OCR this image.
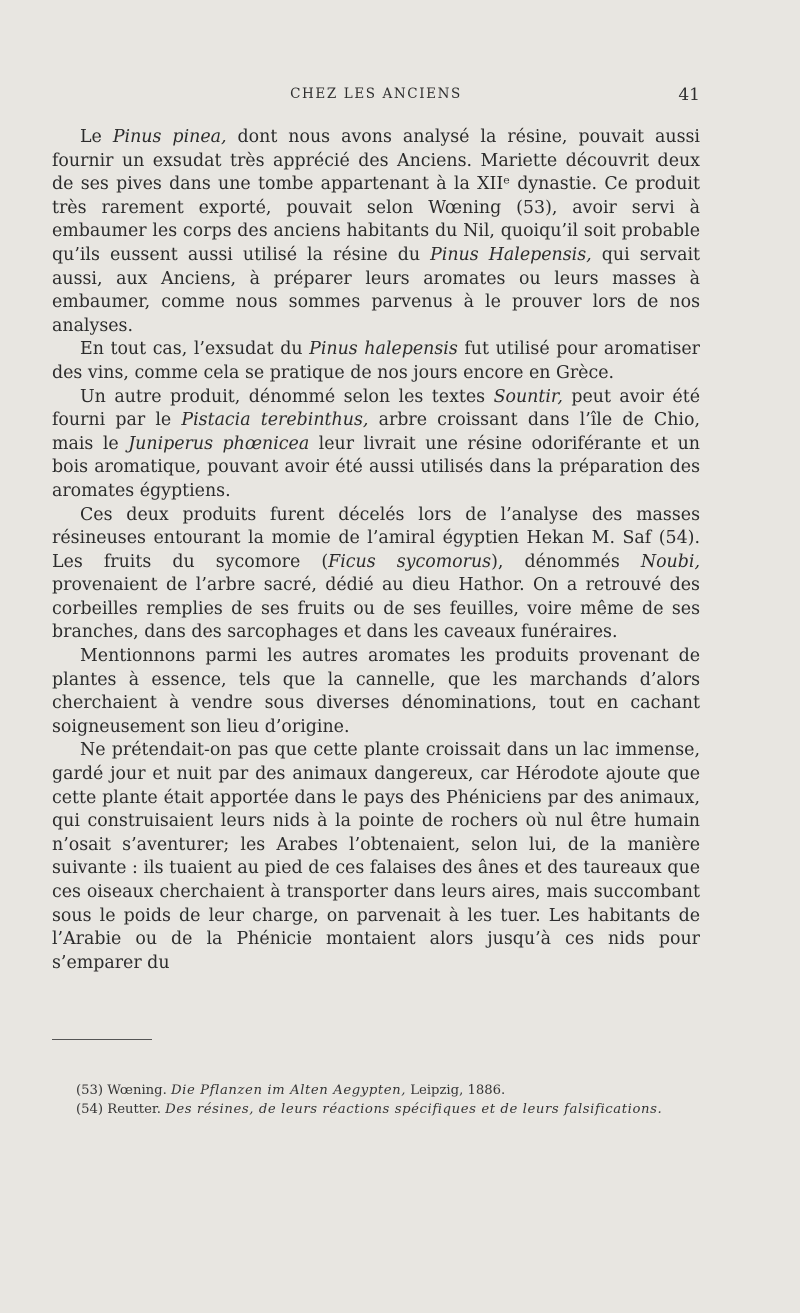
CHEZ LES ANCIENS	41

Le Pinus pinea, dont nous avons analysé la résine, pouvait aussi fournir un exsudat très apprécié des Anciens. Mariette découvrit deux de ses pives dans une tombe appartenant à la XIIᵉ dynastie. Ce produit très rarement exporté, pouvait selon Wœning (53), avoir servi à embaumer les corps des anciens habitants du Nil, quoiqu’il soit probable qu’ils eussent aussi utilisé la résine du Pinus Halepensis, qui servait aussi, aux Anciens, à préparer leurs aromates ou leurs masses à embaumer, comme nous sommes parvenus à le prouver lors de nos analyses.

En tout cas, l’exsudat du Pinus halepensis fut utilisé pour aromatiser des vins, comme cela se pratique de nos jours encore en Grèce.

Un autre produit, dénommé selon les textes Sountir, peut avoir été fourni par le Pistacia terebinthus, arbre croissant dans l’île de Chio, mais le Juniperus phœnicea leur livrait une résine odoriférante et un bois aromatique, pouvant avoir été aussi utilisés dans la préparation des aromates égyptiens.

Ces deux produits furent décelés lors de l’analyse des masses résineuses entourant la momie de l’amiral égyptien Hekan M. Saf (54). Les fruits du sycomore (Ficus sycomorus), dénommés Noubi, provenaient de l’arbre sacré, dédié au dieu Hathor. On a retrouvé des corbeilles remplies de ses fruits ou de ses feuilles, voire même de ses branches, dans des sarcophages et dans les caveaux funéraires.

Mentionnons parmi les autres aromates les produits provenant de plantes à essence, tels que la cannelle, que les marchands d’alors cherchaient à vendre sous diverses dénominations, tout en cachant soigneusement son lieu d’origine.

Ne prétendait-on pas que cette plante croissait dans un lac immense, gardé jour et nuit par des animaux dangereux, car Hérodote ajoute que cette plante était apportée dans le pays des Phéniciens par des animaux, qui construisaient leurs nids à la pointe de rochers où nul être humain n’osait s’aventurer; les Arabes l’obtenaient, selon lui, de la manière suivante : ils tuaient au pied de ces falaises des ânes et des taureaux que ces oiseaux cherchaient à transporter dans leurs aires, mais succombant sous le poids de leur charge, on parvenait à les tuer. Les habitants de l’Arabie ou de la Phénicie montaient alors jusqu’à ces nids pour s’emparer du

(53) Wœning. Die Pflanzen im Alten Aegypten, Leipzig, 1886.

(54) Reutter. Des résines, de leurs réactions spécifiques et de leurs falsifications.
